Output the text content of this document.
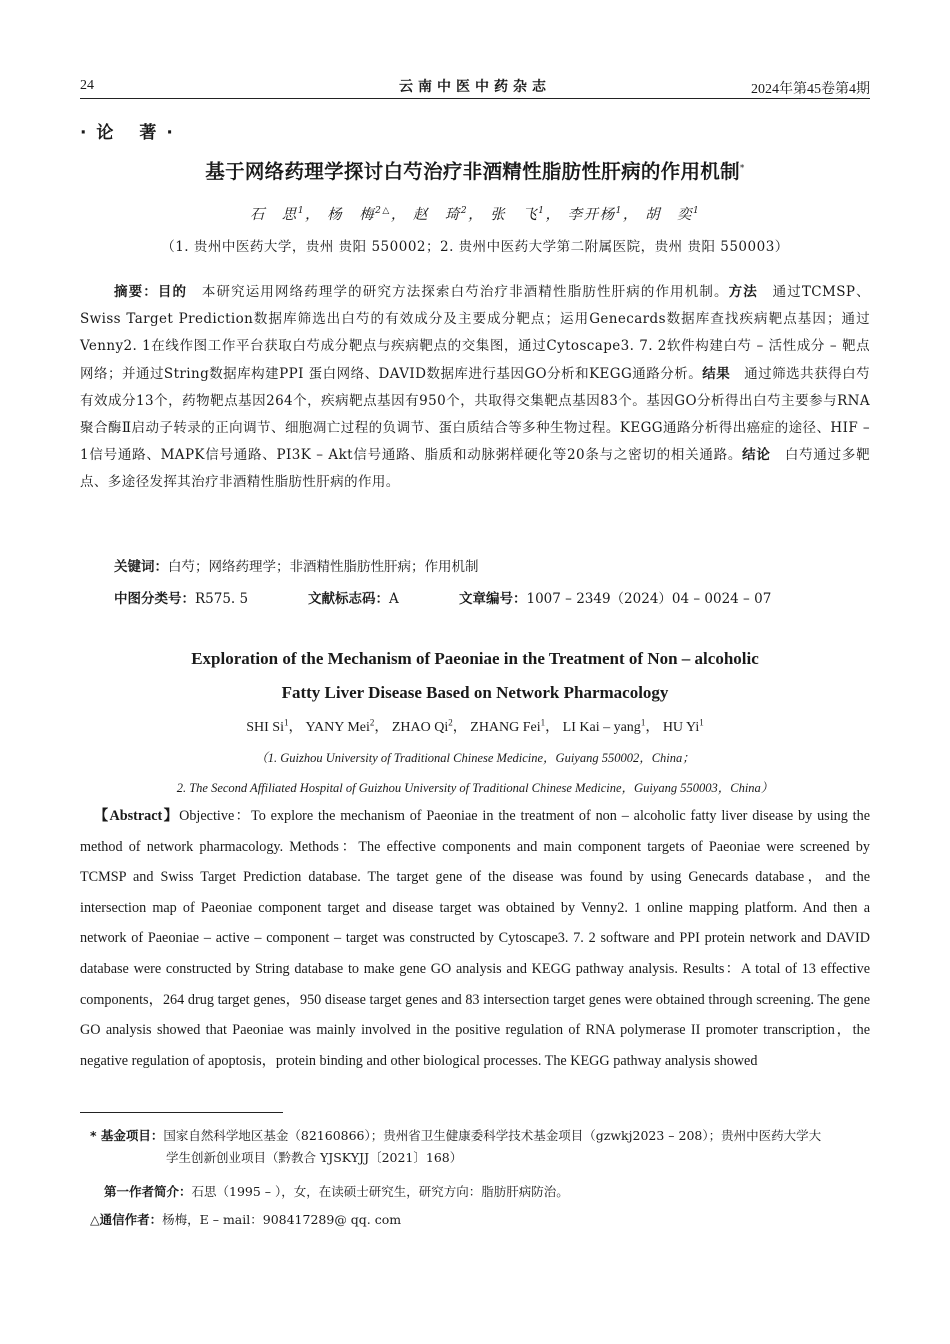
24	云南中医中药杂志	2024年第45卷第4期
· 论 著 ·
基于网络药理学探讨白芍治疗非酒精性脂肪性肝病的作用机制*
石　思$^1$， 杨　梅$^{2\triangle}$， 赵　琦$^2$， 张　飞$^1$， 李开杨$^1$， 胡　奕$^1$
（1. 贵州中医药大学，贵州 贵阳 550002；2. 贵州中医药大学第二附属医院，贵州 贵阳 550003）
摘要：目的　本研究运用网络药理学的研究方法探索白芍治疗非酒精性脂肪性肝病的作用机制。方法　通过TCMSP、Swiss Target Prediction数据库筛选出白芍的有效成分及主要成分靶点；运用Genecards数据库查找疾病靶点基因；通过Venny2. 1在线作图工作平台获取白芍成分靶点与疾病靶点的交集图，通过Cytoscape3. 7. 2软件构建白芍 – 活性成分 – 靶点网络；并通过String数据库构建PPI 蛋白网络、DAVID数据库进行基因GO分析和KEGG通路分析。结果　通过筛选共获得白芍有效成分13个，药物靶点基因264个，疾病靶点基因有950个，共取得交集靶点基因83个。基因GO分析得出白芍主要参与RNA聚合酶Ⅱ启动子转录的正向调节、细胞凋亡过程的负调节、蛋白质结合等多种生物过程。KEGG通路分析得出癌症的途径、HIF – 1信号通路、MAPK信号通路、PI3K – Akt信号通路、脂质和动脉粥样硬化等20条与之密切的相关通路。结论　白芍通过多靶点、多途径发挥其治疗非酒精性脂肪性肝病的作用。
关键词：白芍；网络药理学；非酒精性脂肪性肝病；作用机制
中图分类号：R575. 5	文献标志码：A	文章编号：1007 – 2349（2024）04 – 0024 – 07
Exploration of the Mechanism of Paeoniae in the Treatment of Non – alcoholic
Fatty Liver Disease Based on Network Pharmacology
SHI Si$^1$， YANY Mei$^2$， ZHAO Qi$^2$， ZHANG Fei$^1$， LI Kai – yang$^1$， HU Yi$^1$
（1. Guizhou University of Traditional Chinese Medicine，Guiyang 550002，China；
2. The Second Affiliated Hospital of Guizhou University of Traditional Chinese Medicine，Guiyang 550003，China）
【Abstract】Objective：To explore the mechanism of Paeoniae in the treatment of non – alcoholic fatty liver disease by using the method of network pharmacology. Methods：The effective components and main component targets of Paeoniae were screened by TCMSP and Swiss Target Prediction database. The target gene of the disease was found by using Genecards database，and the intersection map of Paeoniae component target and disease target was obtained by Venny2. 1 online mapping platform. And then a network of Paeoniae – active – component – target was constructed by Cytoscape3. 7. 2 software and PPI protein network and DAVID database were constructed by String database to make gene GO analysis and KEGG pathway analysis. Results：A total of 13 effective components，264 drug target genes，950 disease target genes and 83 intersection target genes were obtained through screening. The gene GO analysis showed that Paeoniae was mainly involved in the positive regulation of RNA polymerase II promoter transcription，the negative regulation of apoptosis，protein binding and other biological processes. The KEGG pathway analysis showed
* 基金项目：国家自然科学地区基金（82160866）；贵州省卫生健康委科学技术基金项目（gzwkj2023 – 208）；贵州中医药大学大
学生创新创业项目（黔教合 YJSKYJJ〔2021〕168）
第一作者简介：石思（1995 – ），女，在读硕士研究生，研究方向：脂肪肝病防治。
△通信作者：杨梅，E – mail：908417289@ qq. com
